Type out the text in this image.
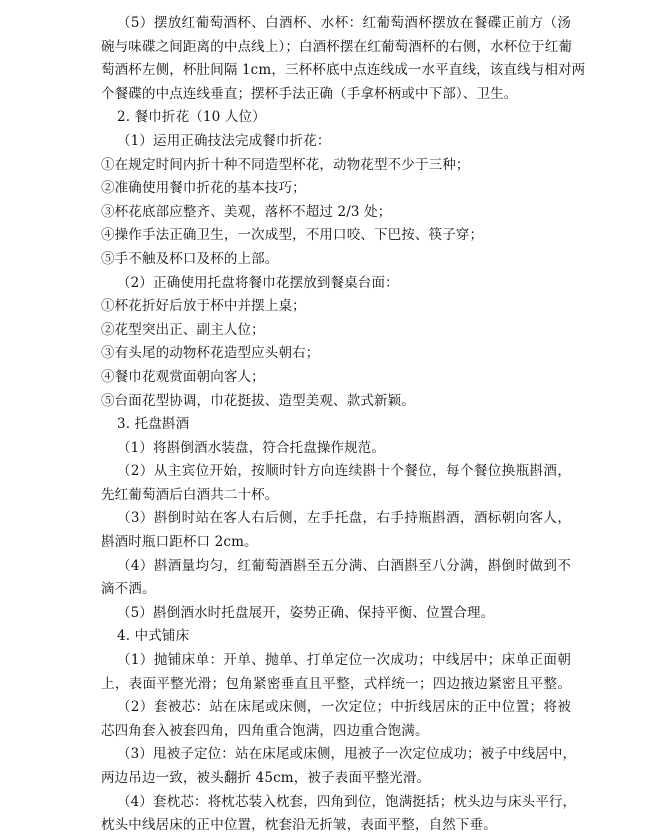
（5）摆放红葡萄酒杯、白酒杯、水杯：红葡萄酒杯摆放在餐碟正前方（汤
碗与味碟之间距离的中点线上）；白酒杯摆在红葡萄酒杯的右侧，水杯位于红葡
萄酒杯左侧，杯肚间隔 1cm，三杯杯底中点连线成一水平直线，该直线与相对两
个餐碟的中点连线垂直；摆杯手法正确（手拿杯柄或中下部）、卫生。
2. 餐巾折花（10 人位）
（1）运用正确技法完成餐巾折花：
①在规定时间内折十种不同造型杯花，动物花型不少于三种；
②准确使用餐巾折花的基本技巧；
③杯花底部应整齐、美观，落杯不超过 2/3 处；
④操作手法正确卫生，一次成型，不用口咬、下巴按、筷子穿；
⑤手不触及杯口及杯的上部。
（2）正确使用托盘将餐巾花摆放到餐桌台面：
①杯花折好后放于杯中并摆上桌；
②花型突出正、副主人位；
③有头尾的动物杯花造型应头朝右；
④餐巾花观赏面朝向客人；
⑤台面花型协调，巾花挺拔、造型美观、款式新颖。
3. 托盘斟酒
（1）将斟倒酒水装盘，符合托盘操作规范。
（2）从主宾位开始，按顺时针方向连续斟十个餐位，每个餐位换瓶斟酒，
先红葡萄酒后白酒共二十杯。
（3）斟倒时站在客人右后侧，左手托盘，右手持瓶斟酒，酒标朝向客人，
斟酒时瓶口距杯口 2cm。
（4）斟酒量均匀，红葡萄酒斟至五分满、白酒斟至八分满，斟倒时做到不
滴不洒。
（5）斟倒酒水时托盘展开，姿势正确、保持平衡、位置合理。
4. 中式铺床
（1）抛铺床单：开单、抛单、打单定位一次成功；中线居中；床单正面朝
上，表面平整光滑；包角紧密垂直且平整，式样统一；四边掖边紧密且平整。
（2）套被芯：站在床尾或床侧，一次定位；中折线居床的正中位置；将被
芯四角套入被套四角，四角重合饱满，四边重合饱满。
（3）甩被子定位：站在床尾或床侧，甩被子一次定位成功；被子中线居中，
两边吊边一致，被头翻折 45cm，被子表面平整光滑。
（4）套枕芯：将枕芯装入枕套，四角到位，饱满挺括；枕头边与床头平行，
枕头中线居床的正中位置，枕套沿无折皱，表面平整，自然下垂。
